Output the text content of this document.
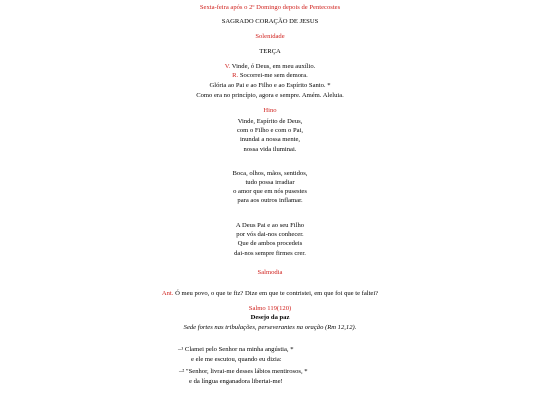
Sexta-feira após o 2º Domingo depois de Pentecostes
SAGRADO CORAÇÃO DE JESUS
Solenidade
TERÇA
V. Vinde, ó Deus, em meu auxílio.
R. Socorrei-me sem demora.
Glória ao Pai e ao Filho e ao Espírito Santo. *
Como era no princípio, agora e sempre. Amém. Aleluia.
Hino
Vinde, Espírito de Deus,
com o Filho e com o Pai,
inundai a nossa mente,
nossa vida iluminai.
Boca, olhos, mãos, sentidos,
tudo possa irradiar
o amor que em nós pusestes
para aos outros inflamar.
A Deus Pai e ao seu Filho
por vós dai-nos conhecer.
Que de ambos procedeis
dai-nos sempre firmes crer.
Salmodia
Ant. Ó meu povo, o que te fiz? Dize em que te contristei, em que foi que te faltei?
Salmo 119(120)
Desejo da paz
Sede fortes nas tribulações, perseverantes na oração (Rm 12,12).
–¹ Clamei pelo Senhor na minha angústia, *
e ele me escutou, quando eu dizia:
–² "Senhor, livrai-me desses lábios mentirosos, *
e da língua enganadora libertai-me!
